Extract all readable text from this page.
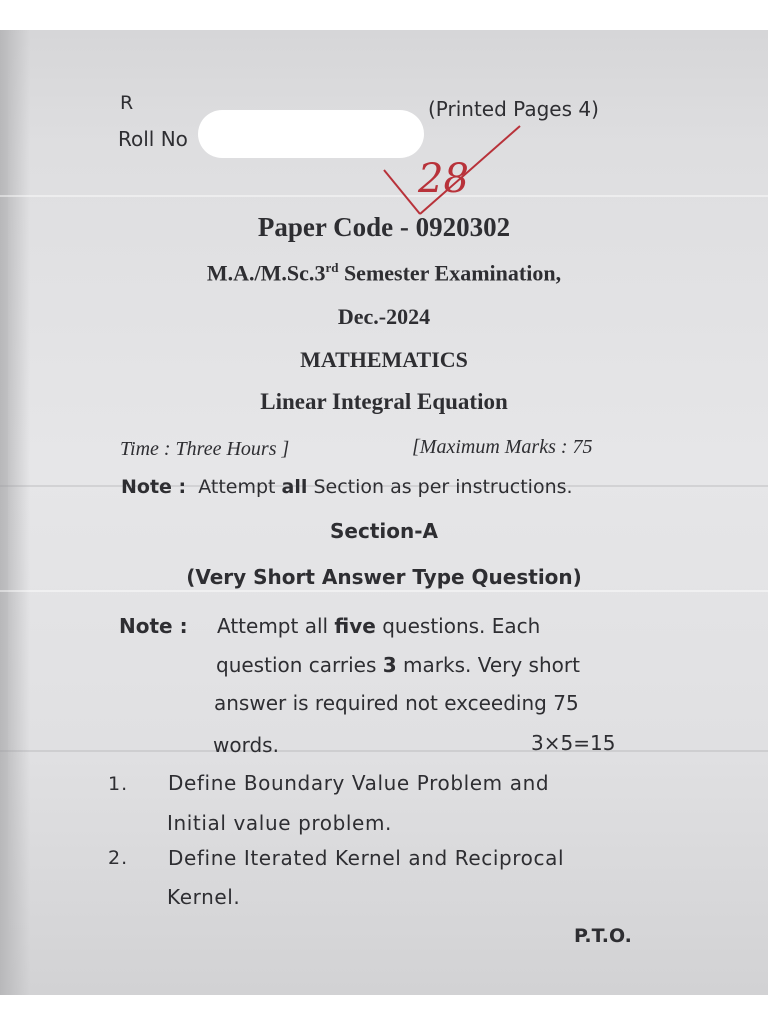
R
Roll No
(Printed Pages 4)
28
Paper Code - 0920302
M.A./M.Sc.3rd Semester Examination,
Dec.-2024
MATHEMATICS
Linear Integral Equation
Time : Three Hours ]	[Maximum Marks : 75
Note : Attempt all Section as per instructions.
Section-A
(Very Short Answer Type Question)
Note : Attempt all five questions. Each
question carries 3 marks. Very short
answer is required not exceeding 75
words.	3×5=15
1. Define Boundary Value Problem and
Initial value problem.
2. Define Iterated Kernel and Reciprocal
Kernel.
P.T.O.
